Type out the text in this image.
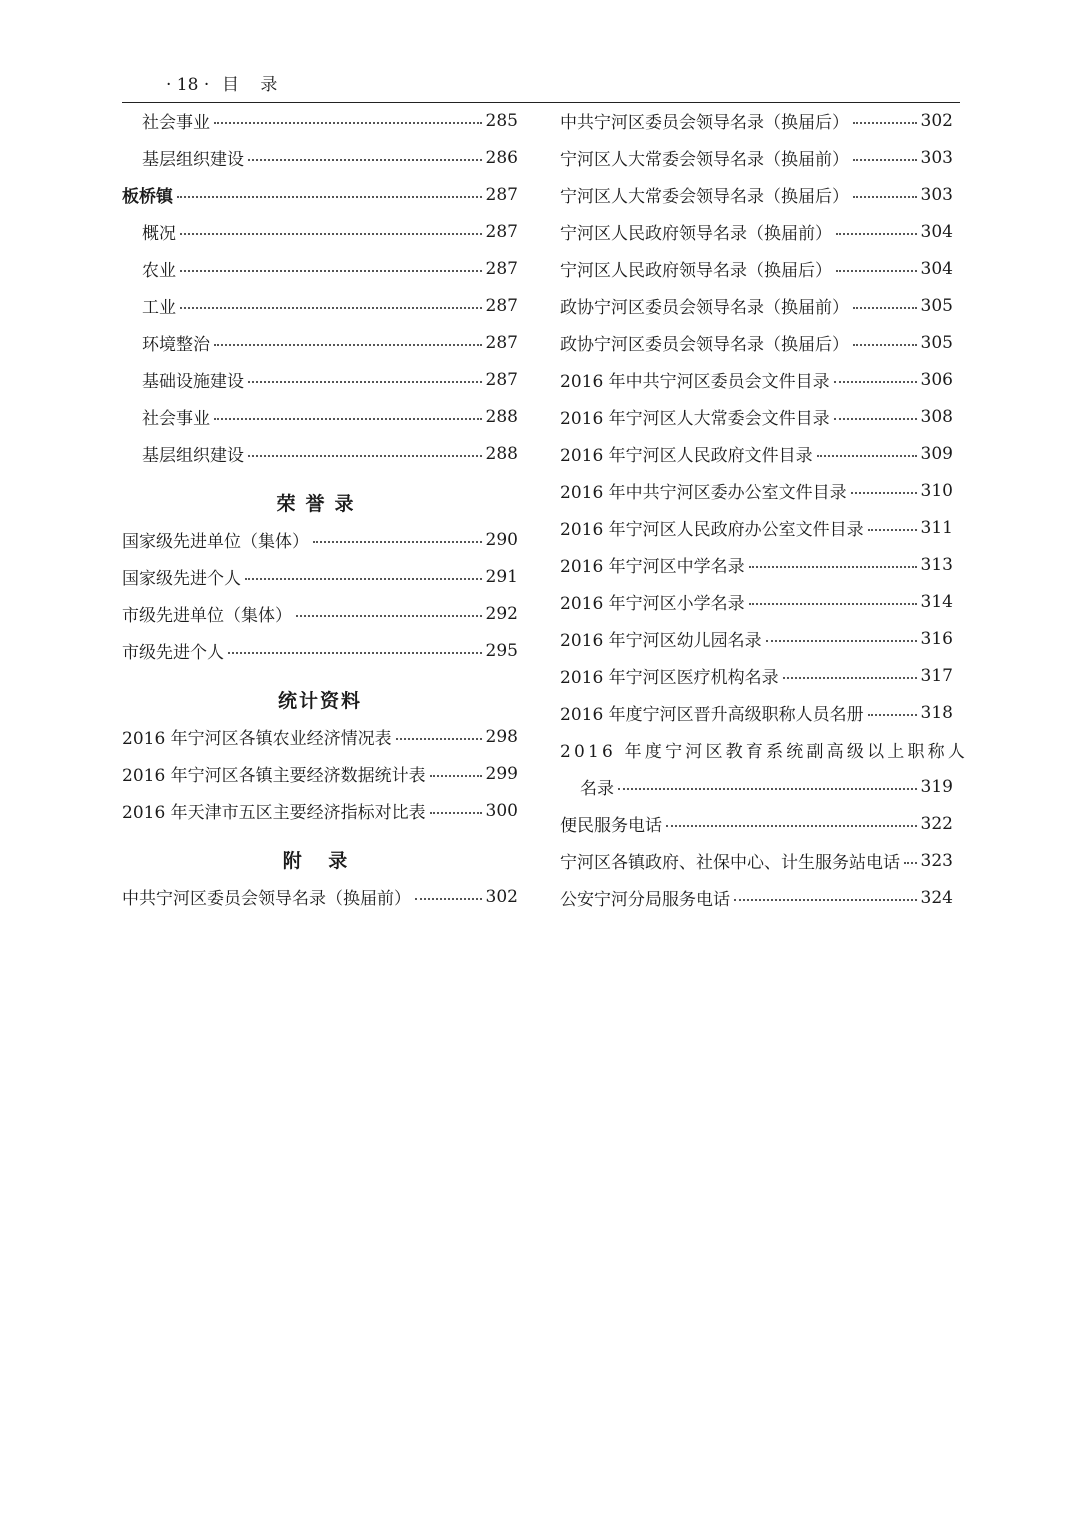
· 18 · 目 录
社会事业	285
基层组织建设	286
板桥镇	287
概况	287
农业	287
工业	287
环境整治	287
基础设施建设	287
社会事业	288
基层组织建设	288
荣誉录
国家级先进单位（集体）	290
国家级先进个人	291
市级先进单位（集体）	292
市级先进个人	295
统计资料
2016 年宁河区各镇农业经济情况表	298
2016 年宁河区各镇主要经济数据统计表	299
2016 年天津市五区主要经济指标对比表	300
附 录
中共宁河区委员会领导名录（换届前）	302
中共宁河区委员会领导名录（换届后）	302
宁河区人大常委会领导名录（换届前）	303
宁河区人大常委会领导名录（换届后）	303
宁河区人民政府领导名录（换届前）	304
宁河区人民政府领导名录（换届后）	304
政协宁河区委员会领导名录（换届前）	305
政协宁河区委员会领导名录（换届后）	305
2016 年中共宁河区委员会文件目录	306
2016 年宁河区人大常委会文件目录	308
2016 年宁河区人民政府文件目录	309
2016 年中共宁河区委办公室文件目录	310
2016 年宁河区人民政府办公室文件目录	311
2016 年宁河区中学名录	313
2016 年宁河区小学名录	314
2016 年宁河区幼儿园名录	316
2016 年宁河区医疗机构名录	317
2016 年度宁河区晋升高级职称人员名册	318
2016 年度宁河区教育系统副高级以上职称人
名录	319
便民服务电话	322
宁河区各镇政府、社保中心、计生服务站电话 323
公安宁河分局服务电话	324
